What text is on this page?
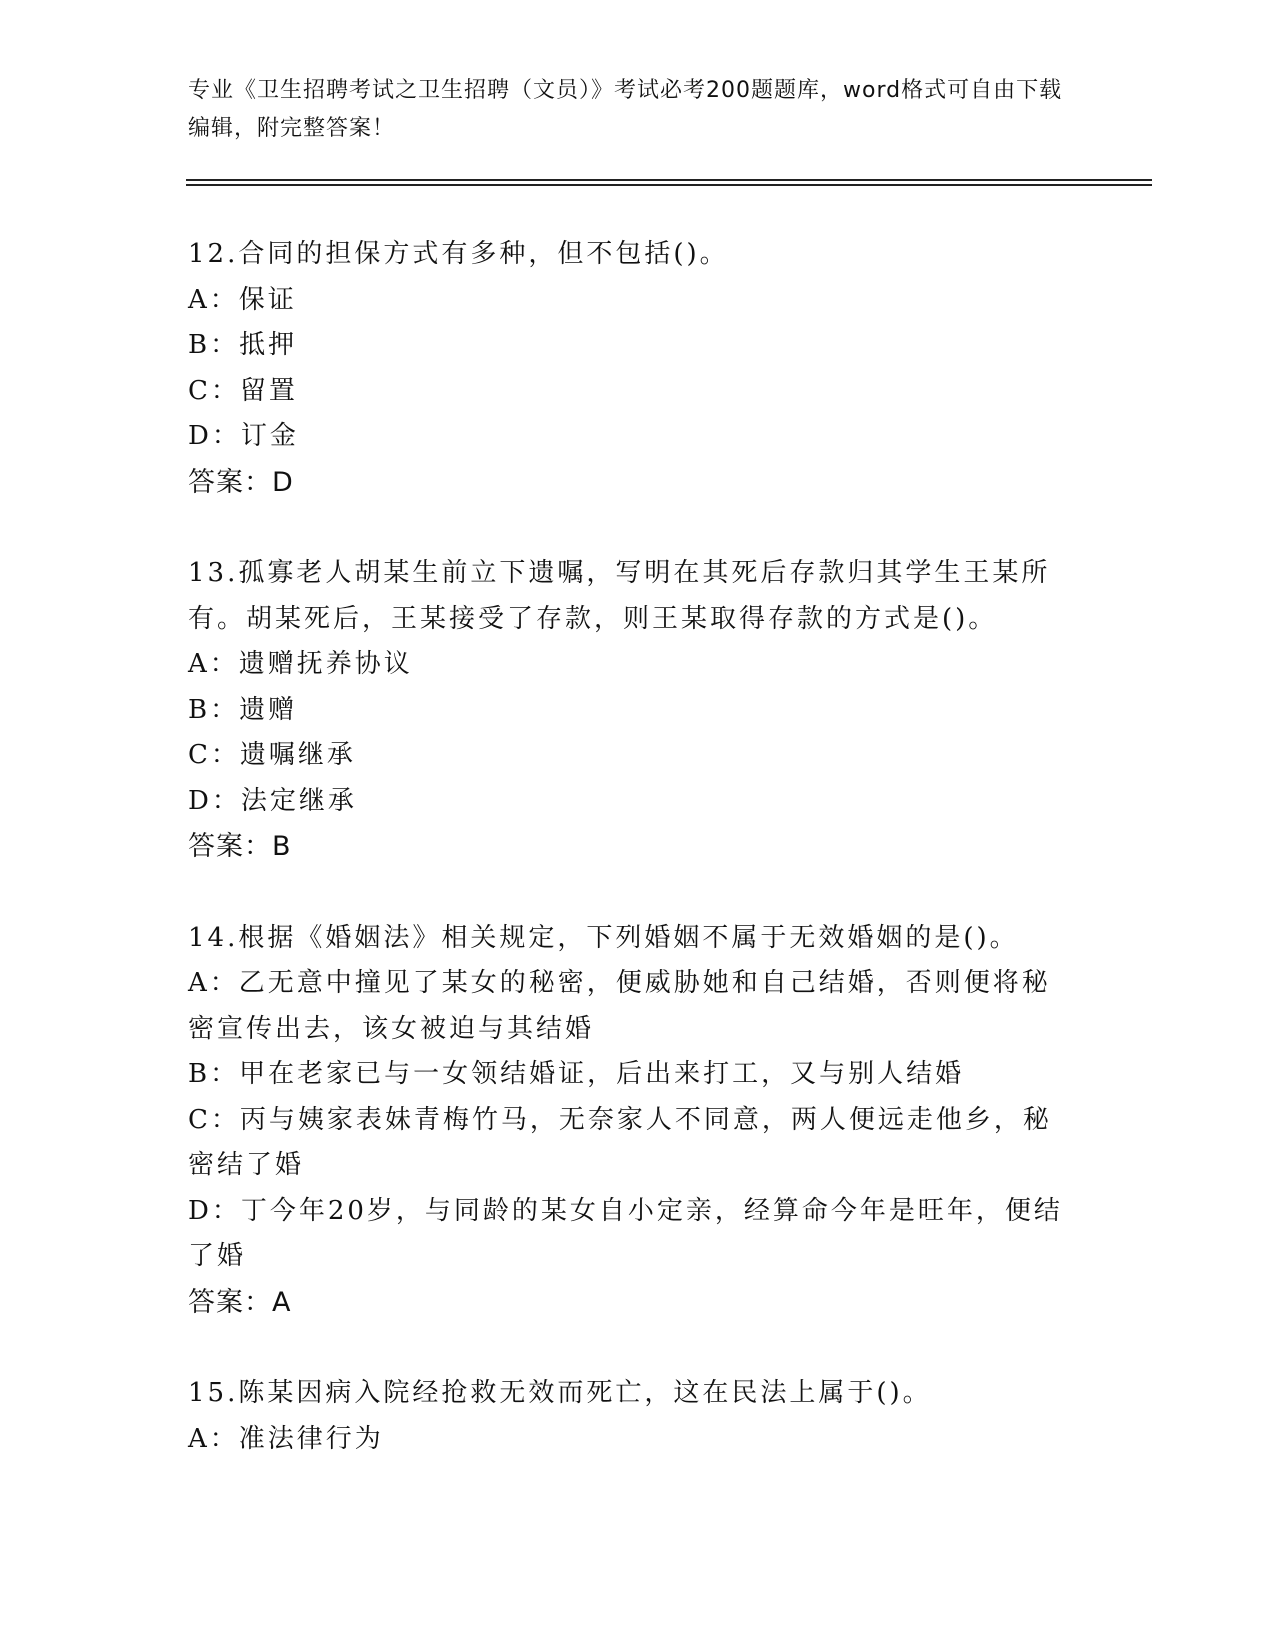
专业《卫生招聘考试之卫生招聘（文员）》考试必考200题题库，word格式可自由下载编辑，附完整答案！

12.合同的担保方式有多种，但不包括()。

A：保证

B：抵押

C：留置

D：订金

答案：D

13.孤寡老人胡某生前立下遗嘱，写明在其死后存款归其学生王某所有。胡某死后，王某接受了存款，则王某取得存款的方式是()。

A：遗赠抚养协议

B：遗赠

C：遗嘱继承

D：法定继承

答案：B

14.根据《婚姻法》相关规定，下列婚姻不属于无效婚姻的是()。

A：乙无意中撞见了某女的秘密，便威胁她和自己结婚，否则便将秘密宣传出去，该女被迫与其结婚

B：甲在老家已与一女领结婚证，后出来打工，又与别人结婚

C：丙与姨家表妹青梅竹马，无奈家人不同意，两人便远走他乡，秘密结了婚

D：丁今年20岁，与同龄的某女自小定亲，经算命今年是旺年，便结了婚

答案：A

15.陈某因病入院经抢救无效而死亡，这在民法上属于()。

A：准法律行为
